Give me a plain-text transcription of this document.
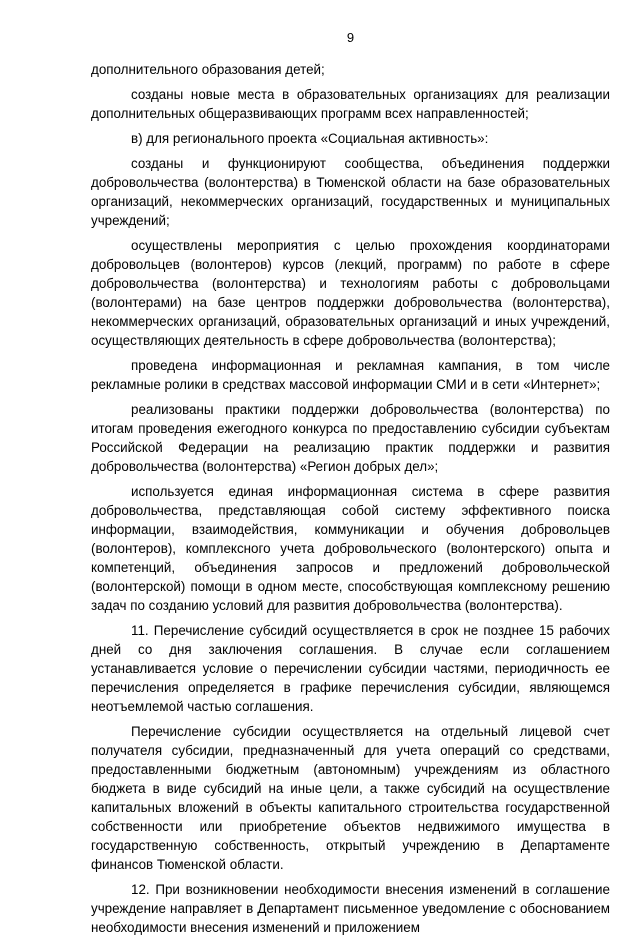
9

дополнительного образования детей;

созданы новые места в образовательных организациях для реализации дополнительных общеразвивающих программ всех направленностей;

в) для регионального проекта «Социальная активность»:

созданы и функционируют сообщества, объединения поддержки добровольчества (волонтерства) в Тюменской области на базе образовательных организаций, некоммерческих организаций, государственных и муниципальных учреждений;

осуществлены мероприятия с целью прохождения координаторами добровольцев (волонтеров) курсов (лекций, программ) по работе в сфере добровольчества (волонтерства) и технологиям работы с добровольцами (волонтерами) на базе центров поддержки добровольчества (волонтерства), некоммерческих организаций, образовательных организаций и иных учреждений, осуществляющих деятельность в сфере добровольчества (волонтерства);

проведена информационная и рекламная кампания, в том числе рекламные ролики в средствах массовой информации СМИ и в сети «Интернет»;

реализованы практики поддержки добровольчества (волонтерства) по итогам проведения ежегодного конкурса по предоставлению субсидии субъектам Российской Федерации на реализацию практик поддержки и развития добровольчества (волонтерства) «Регион добрых дел»;

используется единая информационная система в сфере развития добровольчества, представляющая собой систему эффективного поиска информации, взаимодействия, коммуникации и обучения добровольцев (волонтеров), комплексного учета добровольческого (волонтерского) опыта и компетенций, объединения запросов и предложений добровольческой (волонтерской) помощи в одном месте, способствующая комплексному решению задач по созданию условий для развития добровольчества (волонтерства).

11. Перечисление субсидий осуществляется в срок не позднее 15 рабочих дней со дня заключения соглашения. В случае если соглашением устанавливается условие о перечислении субсидии частями, периодичность ее перечисления определяется в графике перечисления субсидии, являющемся неотъемлемой частью соглашения.

Перечисление субсидии осуществляется на отдельный лицевой счет получателя субсидии, предназначенный для учета операций со средствами, предоставленными бюджетным (автономным) учреждениям из областного бюджета в виде субсидий на иные цели, а также субсидий на осуществление капитальных вложений в объекты капитального строительства государственной собственности или приобретение объектов недвижимого имущества в государственную собственность, открытый учреждению в Департаменте финансов Тюменской области.

12. При возникновении необходимости внесения изменений в соглашение учреждение направляет в Департамент письменное уведомление с обоснованием необходимости внесения изменений и приложением
